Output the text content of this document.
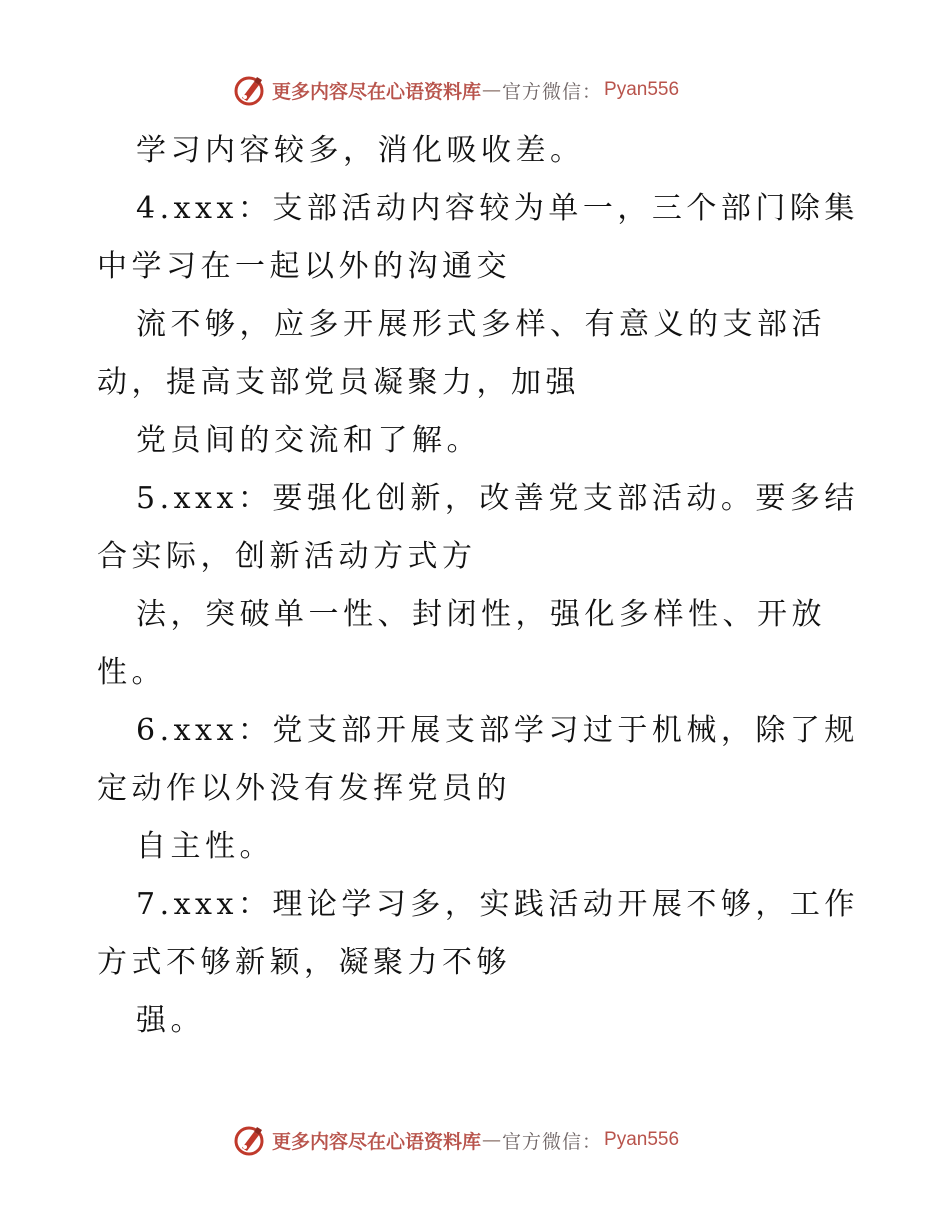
更多内容尽在心语资料库 — 官方微信： Pyan556
学习内容较多，消化吸收差。
4.xxx：支部活动内容较为单一，三个部门除集
中学习在一起以外的沟通交
流不够，应多开展形式多样、有意义的支部活
动，提高支部党员凝聚力，加强
党员间的交流和了解。
5.xxx：要强化创新，改善党支部活动。要多结
合实际，创新活动方式方
法，突破单一性、封闭性，强化多样性、开放
性。
6.xxx：党支部开展支部学习过于机械，除了规
定动作以外没有发挥党员的
自主性。
7.xxx：理论学习多，实践活动开展不够，工作
方式不够新颖，凝聚力不够
强。
更多内容尽在心语资料库 — 官方微信： Pyan556
